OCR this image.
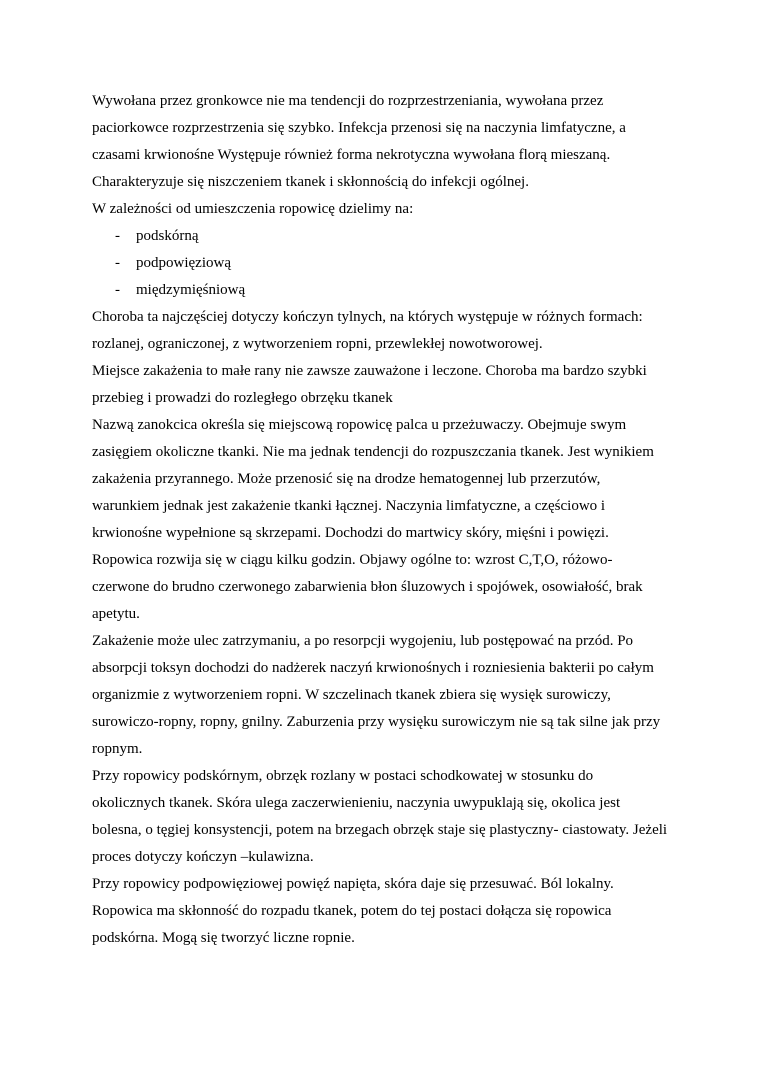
Wywołana przez gronkowce nie ma tendencji do rozprzestrzeniania, wywołana przez paciorkowce rozprzestrzenia się szybko. Infekcja przenosi się na naczynia limfatyczne, a czasami krwionośne Występuje również forma nekrotyczna wywołana florą mieszaną. Charakteryzuje się niszczeniem tkanek i skłonnością do infekcji ogólnej.

W zależności od umieszczenia ropowicę dzielimy na:

-	podskórną
-	podpowięziową
-	międzymięśniową

Choroba ta najczęściej dotyczy kończyn tylnych, na których występuje w różnych formach: rozlanej, ograniczonej, z wytworzeniem ropni, przewlekłej nowotworowej.

Miejsce zakażenia to małe rany nie zawsze zauważone i leczone. Choroba ma bardzo szybki przebieg i prowadzi do rozległego obrzęku tkanek

Nazwą zanokcica określa się miejscową ropowicę palca u przeżuwaczy. Obejmuje swym zasięgiem okoliczne tkanki. Nie ma jednak tendencji do rozpuszczania tkanek. Jest wynikiem zakażenia przyrannego. Może przenosić się na drodze hematogennej lub przerzutów, warunkiem jednak jest zakażenie tkanki łącznej. Naczynia limfatyczne, a częściowo i krwionośne wypełnione są skrzepami. Dochodzi do martwicy skóry, mięśni i powięzi.

Ropowica rozwija się w ciągu kilku godzin. Objawy ogólne to: wzrost C,T,O, różowo-czerwone do brudno czerwonego zabarwienia błon śluzowych i spojówek, osowiałość, brak apetytu.

Zakażenie może ulec zatrzymaniu, a po resorpcji wygojeniu, lub postępować na przód. Po absorpcji toksyn dochodzi do nadżerek naczyń krwionośnych i rozniesienia bakterii po całym organizmie z wytworzeniem ropni. W szczelinach tkanek zbiera się wysięk surowiczy, surowiczo-ropny, ropny, gnilny. Zaburzenia przy wysięku surowiczym nie są tak silne jak przy ropnym.

Przy ropowicy podskórnym, obrzęk rozlany w postaci schodkowatej w stosunku do okolicznych tkanek. Skóra ulega zaczerwienieniu, naczynia uwypuklają się, okolica jest bolesna, o tęgiej konsystencji, potem na brzegach obrzęk staje się plastyczny- ciastowaty. Jeżeli proces dotyczy kończyn –kulawizna.

Przy ropowicy podpowięziowej powięź napięta, skóra daje się przesuwać. Ból lokalny. Ropowica ma skłonność do rozpadu tkanek, potem do tej postaci dołącza się ropowica podskórna. Mogą się tworzyć liczne ropnie.
